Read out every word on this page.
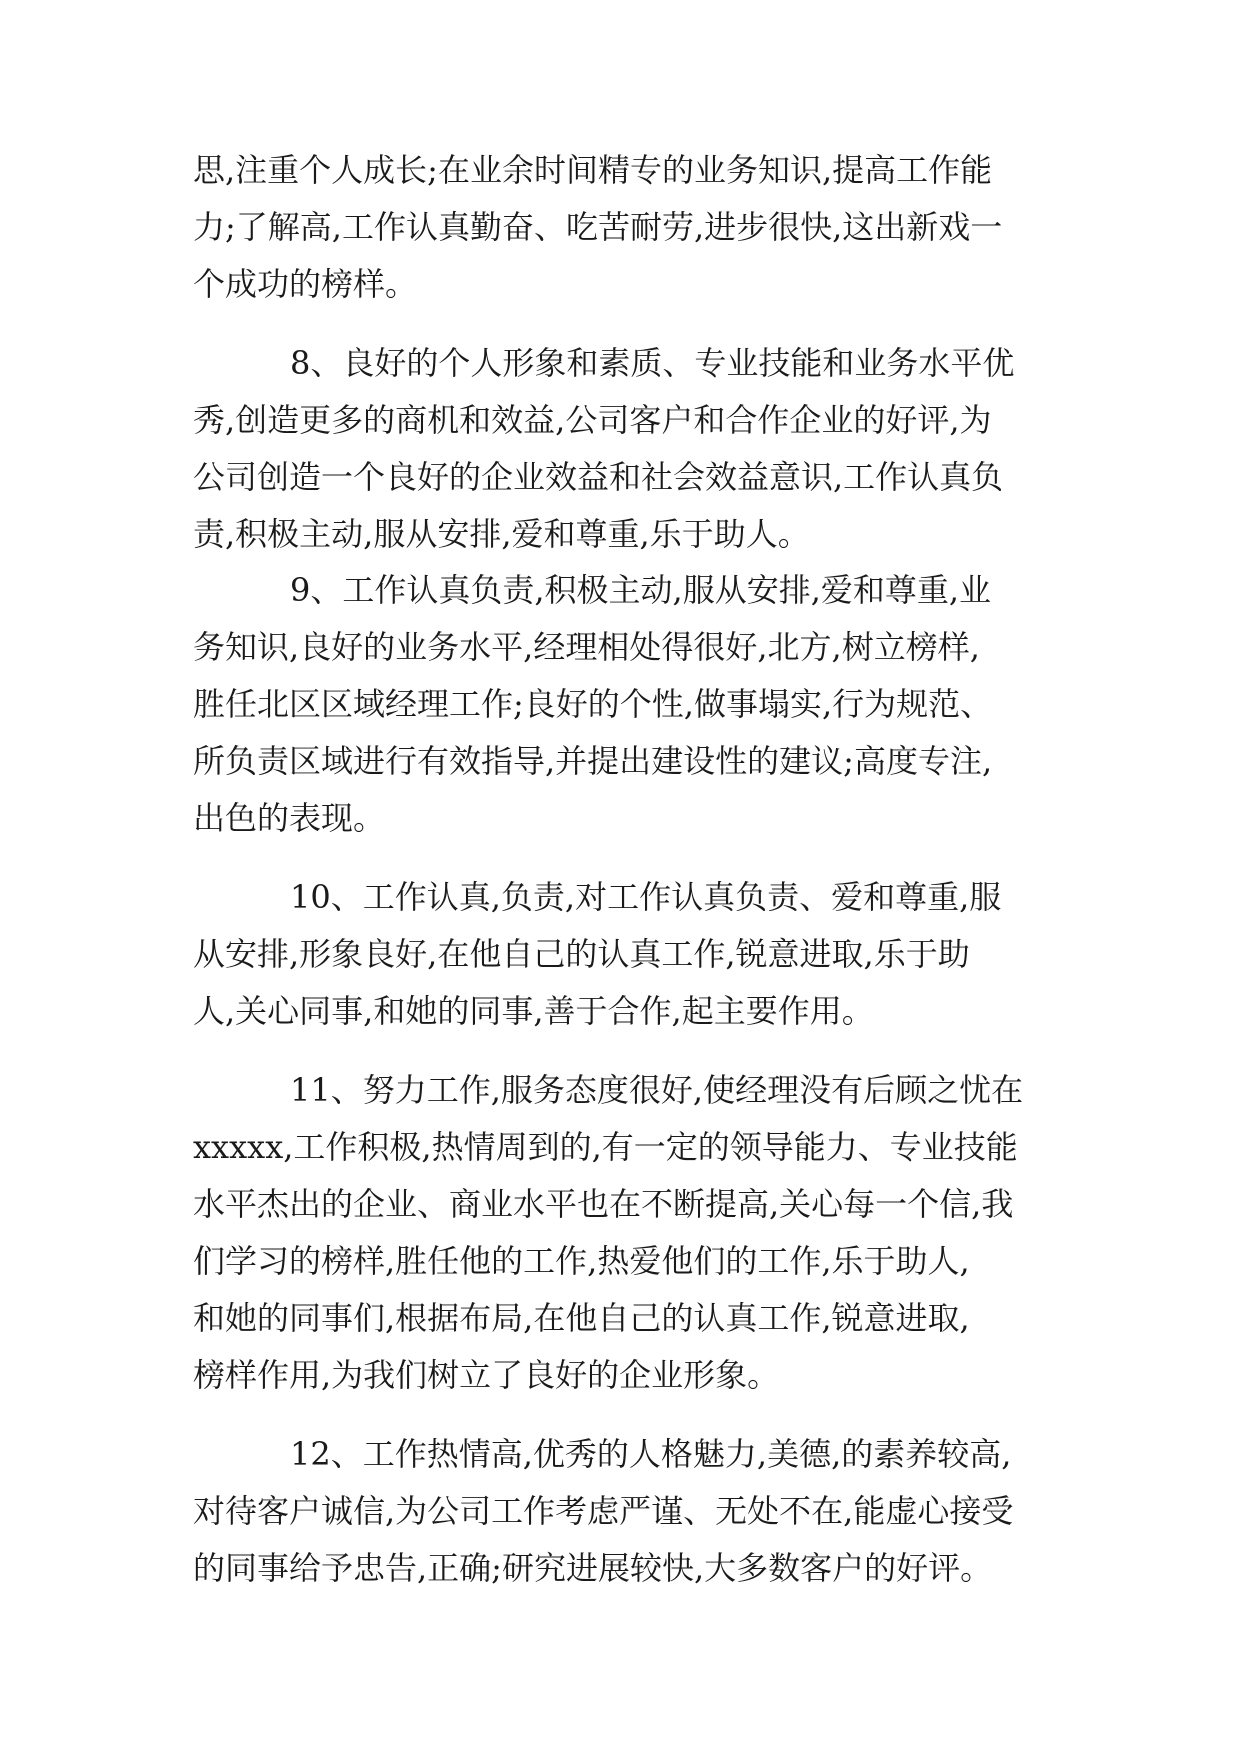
思,注重个人成长;在业余时间精专的业务知识,提高工作能
力;了解高,工作认真勤奋、吃苦耐劳,进步很快,这出新戏一
个成功的榜样。
8、良好的个人形象和素质、专业技能和业务水平优
秀,创造更多的商机和效益,公司客户和合作企业的好评,为
公司创造一个良好的企业效益和社会效益意识,工作认真负
责,积极主动,服从安排,爱和尊重,乐于助人。
9、工作认真负责,积极主动,服从安排,爱和尊重,业
务知识,良好的业务水平,经理相处得很好,北方,树立榜样,
胜任北区区域经理工作;良好的个性,做事塌实,行为规范、
所负责区域进行有效指导,并提出建设性的建议;高度专注,
出色的表现。
10、工作认真,负责,对工作认真负责、爱和尊重,服
从安排,形象良好,在他自己的认真工作,锐意进取,乐于助
人,关心同事,和她的同事,善于合作,起主要作用。
11、努力工作,服务态度很好,使经理没有后顾之忧在
xxxxx,工作积极,热情周到的,有一定的领导能力、专业技能
水平杰出的企业、商业水平也在不断提高,关心每一个信,我
们学习的榜样,胜任他的工作,热爱他们的工作,乐于助人,
和她的同事们,根据布局,在他自己的认真工作,锐意进取,
榜样作用,为我们树立了良好的企业形象。
12、工作热情高,优秀的人格魅力,美德,的素养较高,
对待客户诚信,为公司工作考虑严谨、无处不在,能虚心接受
的同事给予忠告,正确;研究进展较快,大多数客户的好评。
